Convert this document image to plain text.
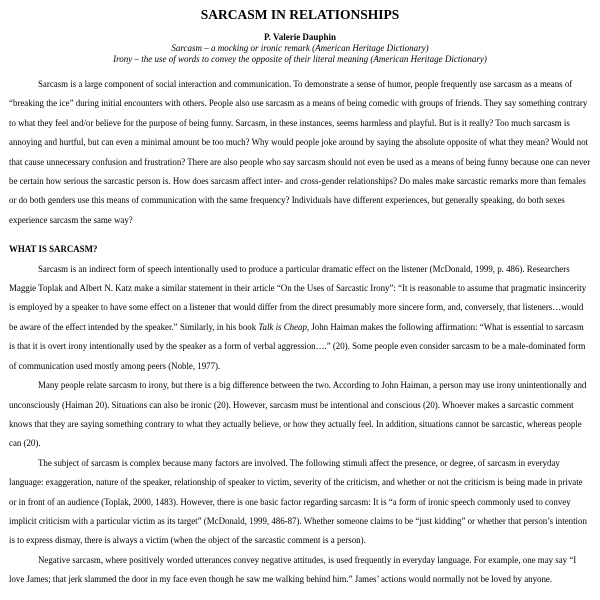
SARCASM IN RELATIONSHIPS
P. Valerie Dauphin
Sarcasm – a mocking or ironic remark (American Heritage Dictionary)
Irony – the use of words to convey the opposite of their literal meaning (American Heritage Dictionary)

Sarcasm is a large component of social interaction and communication. To demonstrate a sense of humor, people frequently use sarcasm as a means of “breaking the ice” during initial encounters with others. People also use sarcasm as a means of being comedic with groups of friends. They say something contrary to what they feel and/or believe for the purpose of being funny. Sarcasm, in these instances, seems harmless and playful. But is it really? Too much sarcasm is annoying and hurtful, but can even a minimal amount be too much? Why would people joke around by saying the absolute opposite of what they mean? Would not that cause unnecessary confusion and frustration? There are also people who say sarcasm should not even be used as a means of being funny because one can never be certain how serious the sarcastic person is. How does sarcasm affect inter- and cross-gender relationships? Do males make sarcastic remarks more than females or do both genders use this means of communication with the same frequency? Individuals have different experiences, but generally speaking, do both sexes experience sarcasm the same way?

WHAT IS SARCASM?

Sarcasm is an indirect form of speech intentionally used to produce a particular dramatic effect on the listener (McDonald, 1999, p. 486). Researchers Maggie Toplak and Albert N. Katz make a similar statement in their article “On the Uses of Sarcastic Irony”: “It is reasonable to assume that pragmatic insincerity is employed by a speaker to have some effect on a listener that would differ from the direct presumably more sincere form, and, conversely, that listeners…would be aware of the effect intended by the speaker.” Similarly, in his book Talk is Cheap, John Haiman makes the following affirmation: “What is essential to sarcasm is that it is overt irony intentionally used by the speaker as a form of verbal aggression….” (20). Some people even consider sarcasm to be a male-dominated form of communication used mostly among peers (Noble, 1977).

Many people relate sarcasm to irony, but there is a big difference between the two. According to John Haiman, a person may use irony unintentionally and unconsciously (Haiman 20). Situations can also be ironic (20). However, sarcasm must be intentional and conscious (20). Whoever makes a sarcastic comment knows that they are saying something contrary to what they actually believe, or how they actually feel. In addition, situations cannot be sarcastic, whereas people can (20).

The subject of sarcasm is complex because many factors are involved. The following stimuli affect the presence, or degree, of sarcasm in everyday language: exaggeration, nature of the speaker, relationship of speaker to victim, severity of the criticism, and whether or not the criticism is being made in private or in front of an audience (Toplak, 2000, 1483). However, there is one basic factor regarding sarcasm: It is “a form of ironic speech commonly used to convey implicit criticism with a particular victim as its target” (McDonald, 1999, 486-87). Whether someone claims to be “just kidding” or whether that person’s intention is to express dismay, there is always a victim (when the object of the sarcastic comment is a person).

Negative sarcasm, where positively worded utterances convey negative attitudes, is used frequently in everyday language. For example, one may say “I love James; that jerk slammed the door in my face even though he saw me walking behind him.” James’ actions would normally not be loved by anyone.
